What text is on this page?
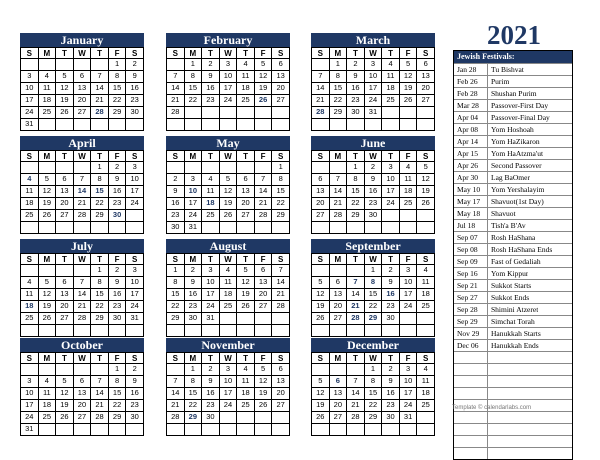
2021
January
S	M	T	W	T	F	S
					1	2
3	4	5	6	7	8	9
10	11	12	13	14	15	16
17	18	19	20	21	22	23
24	25	26	27	28	29	30
31						
February
S	M	T	W	T	F	S
	1	2	3	4	5	6
7	8	9	10	11	12	13
14	15	16	17	18	19	20
21	22	23	24	25	26	27
28						

March
S	M	T	W	T	F	S
	1	2	3	4	5	6
7	8	9	10	11	12	13
14	15	16	17	18	19	20
21	22	23	24	25	26	27
28	29	30	31			

April
S	M	T	W	T	F	S
				1	2	3
4	5	6	7	8	9	10
11	12	13	14	15	16	17
18	19	20	21	22	23	24
25	26	27	28	29	30	

May
S	M	T	W	T	F	S
						1
2	3	4	5	6	7	8
9	10	11	12	13	14	15
16	17	18	19	20	21	22
23	24	25	26	27	28	29
30	31					
June
S	M	T	W	T	F	S
		1	2	3	4	5
6	7	8	9	10	11	12
13	14	15	16	17	18	19
20	21	22	23	24	25	26
27	28	29	30			

July
S	M	T	W	T	F	S
				1	2	3
4	5	6	7	8	9	10
11	12	13	14	15	16	17
18	19	20	21	22	23	24
25	26	27	28	29	30	31

August
S	M	T	W	T	F	S
1	2	3	4	5	6	7
8	9	10	11	12	13	14
15	16	17	18	19	20	21
22	23	24	25	26	27	28
29	30	31				

September
S	M	T	W	T	F	S
			1	2	3	4
5	6	7	8	9	10	11
12	13	14	15	16	17	18
19	20	21	22	23	24	25
26	27	28	29	30		

October
S	M	T	W	T	F	S
					1	2
3	4	5	6	7	8	9
10	11	12	13	14	15	16
17	18	19	20	21	22	23
24	25	26	27	28	29	30
31						
November
S	M	T	W	T	F	S
	1	2	3	4	5	6
7	8	9	10	11	12	13
14	15	16	17	18	19	20
21	22	23	24	25	26	27
28	29	30				

December
S	M	T	W	T	F	S
			1	2	3	4
5	6	7	8	9	10	11
12	13	14	15	16	17	18
19	20	21	22	23	24	25
26	27	28	29	30	31	

Jewish Festivals:
Jan 28	Tu Bishvat
Feb 26	Purim
Feb 28	Shushan Purim
Mar 28	Passover-First Day
Apr 04	Passover-Final Day
Apr 08	Yom Hoshoah
Apr 14	Yom HaZikaron
Apr 15	Yom HaAtzma'ut
Apr 26	Second Passover
Apr 30	Lag BaOmer
May 10	Yom Yershalayim
May 17	Shavuot(1st Day)
May 18	Shavuot
Jul 18	Tish'a B'Av
Sep 07	Rosh HaShana
Sep 08	Rosh HaShana Ends
Sep 09	Fast of Gedaliah
Sep 16	Yom Kippur
Sep 21	Sukkot Starts
Sep 27	Sukkot Ends
Sep 28	Shimini Atzeret
Sep 29	Simchat Torah
Nov 29	Hanukkah Starts
Dec 06	Hanukkah Ends
Template © calendarlabs.com
